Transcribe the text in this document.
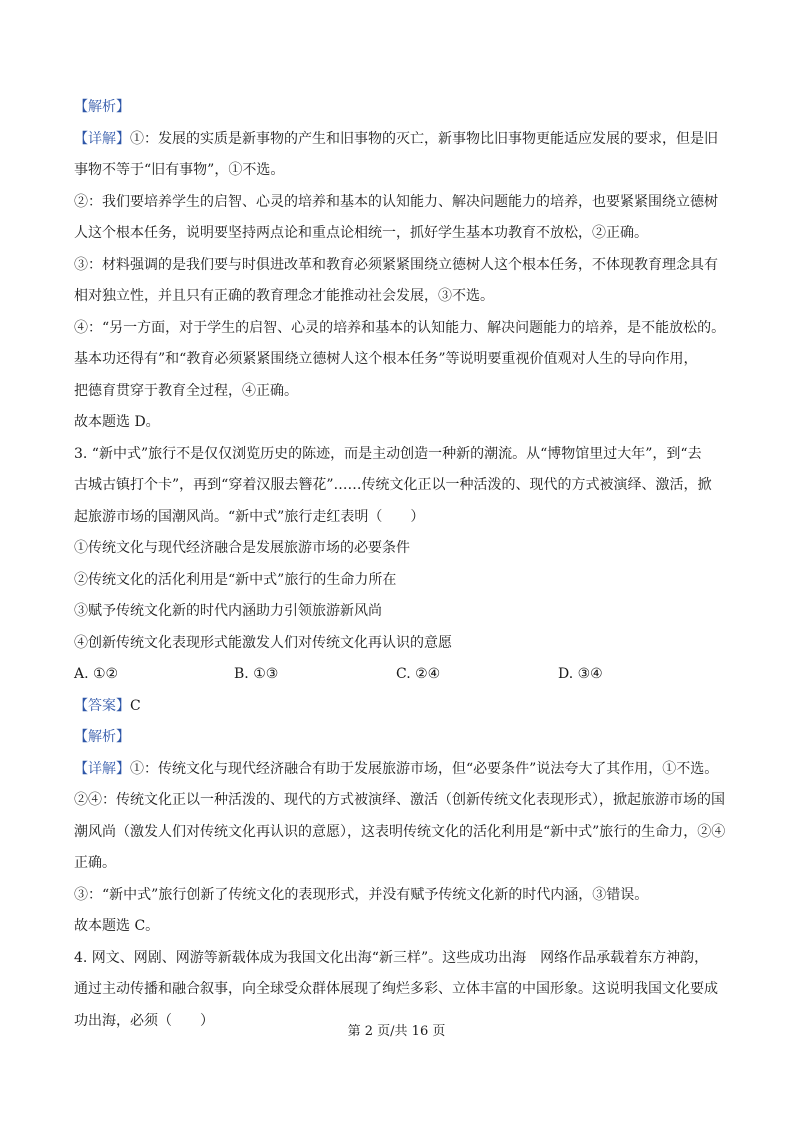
【解析】
【详解】①：发展的实质是新事物的产生和旧事物的灭亡，新事物比旧事物更能适应发展的要求，但是旧
事物不等于“旧有事物”，①不选。
②：我们要培养学生的启智、心灵的培养和基本的认知能力、解决问题能力的培养，也要紧紧围绕立德树
人这个根本任务，说明要坚持两点论和重点论相统一，抓好学生基本功教育不放松，②正确。
③：材料强调的是我们要与时俱进改革和教育必须紧紧围绕立德树人这个根本任务，不体现教育理念具有
相对独立性，并且只有正确的教育理念才能推动社会发展，③不选。
④：“另一方面，对于学生的启智、心灵的培养和基本的认知能力、解决问题能力的培养，是不能放松的。
基本功还得有”和“教育必须紧紧围绕立德树人这个根本任务”等说明要重视价值观对人生的导向作用，
把德育贯穿于教育全过程，④正确。
故本题选 D。
3. “新中式”旅行不是仅仅浏览历史的陈迹，而是主动创造一种新的潮流。从“博物馆里过大年”，到“去
古城古镇打个卡”，再到“穿着汉服去簪花”……传统文化正以一种活泼的、现代的方式被演绎、激活，掀
起旅游市场的国潮风尚。“新中式”旅行走红表明（　　）
①传统文化与现代经济融合是发展旅游市场的必要条件
②传统文化的活化利用是“新中式”旅行的生命力所在
③赋予传统文化新的时代内涵助力引领旅游新风尚
④创新传统文化表现形式能激发人们对传统文化再认识的意愿
A. ①②	B. ①③	C. ②④	D. ③④
【答案】C
【解析】
【详解】①：传统文化与现代经济融合有助于发展旅游市场，但“必要条件”说法夸大了其作用，①不选。
②④：传统文化正以一种活泼的、现代的方式被演绎、激活（创新传统文化表现形式），掀起旅游市场的国
潮风尚（激发人们对传统文化再认识的意愿），这表明传统文化的活化利用是“新中式”旅行的生命力，②④
正确。
③：“新中式”旅行创新了传统文化的表现形式，并没有赋予传统文化新的时代内涵，③错误。
故本题选 C。
4. 网文、网剧、网游等新载体成为我国文化出海“新三样”。这些成功出海　网络作品承载着东方神韵，
通过主动传播和融合叙事，向全球受众群体展现了绚烂多彩、立体丰富的中国形象。这说明我国文化要成
功出海，必须（　　）
第 2 页/共 16 页
